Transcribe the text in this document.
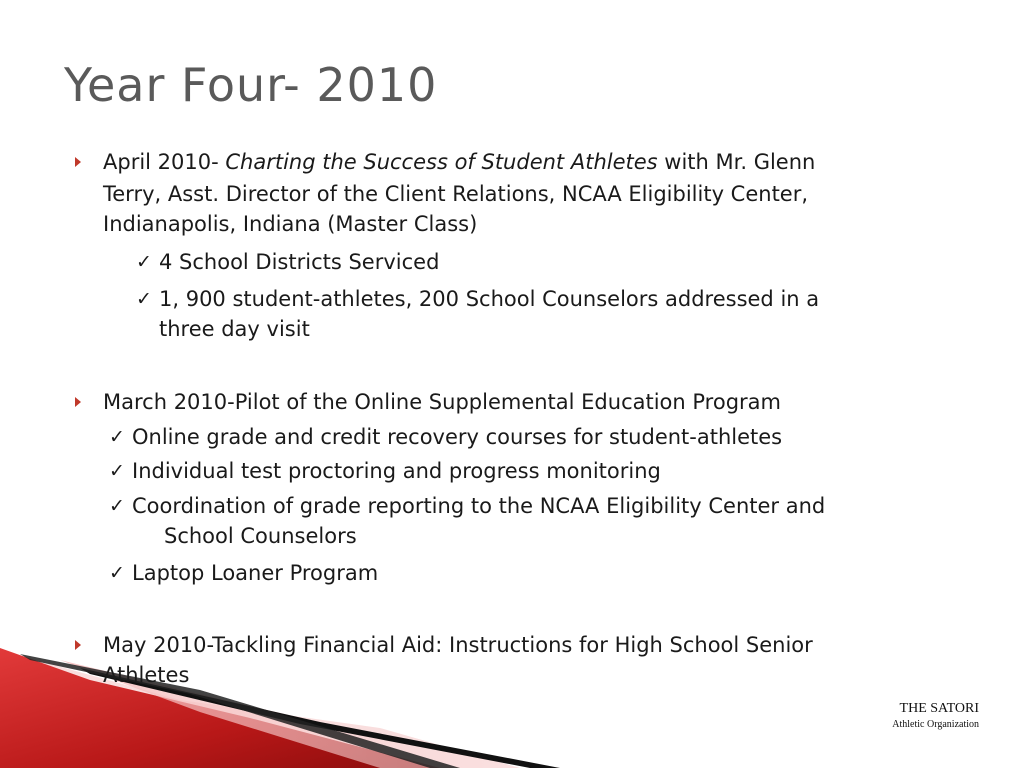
Year Four- 2010
April 2010- Charting the Success of Student Athletes with Mr. Glenn
Terry, Asst. Director of the Client Relations, NCAA Eligibility Center,
Indianapolis, Indiana (Master Class)
✓ 4 School Districts Serviced
✓ 1, 900 student-athletes, 200 School Counselors addressed in a
three day visit
March 2010-Pilot of the Online Supplemental Education Program
✓ Online grade and credit recovery courses for student-athletes
✓ Individual test proctoring and progress monitoring
✓ Coordination of grade reporting to the NCAA Eligibility Center and
School Counselors
✓ Laptop Loaner Program
May 2010-Tackling Financial Aid: Instructions for High School Senior
Athletes
THE SATORI
Athletic Organization
